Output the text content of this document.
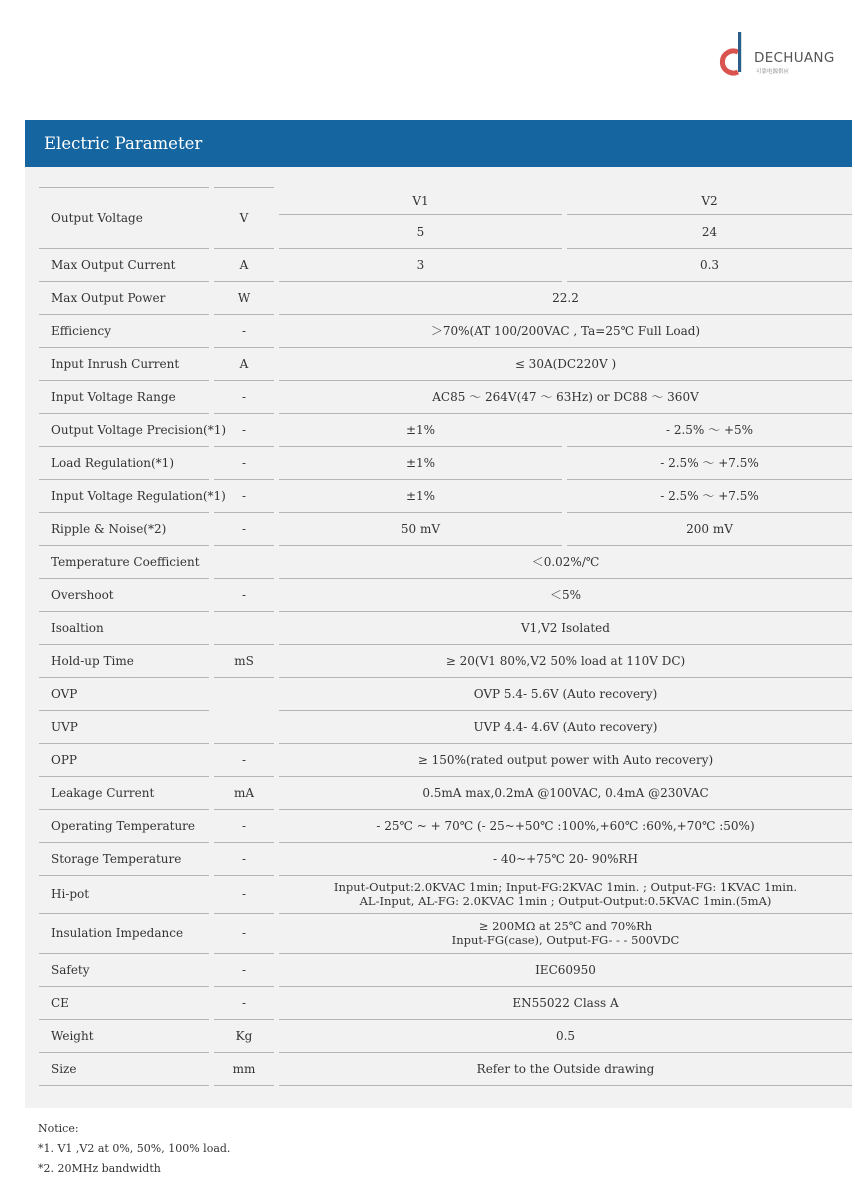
DECHUANG
可靠电源供应
Electric Parameter
Output Voltage	V
V1	V2
5	24
Max Output Current	A	3	0.3
Max Output Power	W	22.2
Efficiency	-	＞70%(AT 100/200VAC , Ta=25℃ Full Load)
Input Inrush Current	A	≤ 30A(DC220V )
Input Voltage Range	-	AC85 ～ 264V(47 ～ 63Hz) or DC88 ～ 360V
Output Voltage Precision(*1)	-	±1%	- 2.5% ～ +5%
Load Regulation(*1)	-	±1%	- 2.5% ～ +7.5%
Input Voltage Regulation(*1)	-	±1%	- 2.5% ～ +7.5%
Ripple & Noise(*2)	-	50 mV	200 mV
Temperature Coefficient	＜0.02%/℃
Overshoot	-	＜5%
Isoaltion	V1,V2 Isolated
Hold-up Time	mS	≥ 20(V1 80%,V2 50% load at 110V DC)
OVP	OVP 5.4- 5.6V (Auto recovery)
UVP	UVP 4.4- 4.6V (Auto recovery)
OPP	-	≥ 150%(rated output power with Auto recovery)
Leakage Current	mA	0.5mA max,0.2mA @100VAC, 0.4mA @230VAC
Operating Temperature	-	- 25℃ ~ + 70℃ (- 25~+50℃ :100%,+60℃ :60%,+70℃ :50%)
Storage Temperature	-	- 40~+75℃ 20- 90%RH
Hi-pot	-	Input-Output:2.0KVAC 1min; Input-FG:2KVAC 1min. ; Output-FG: 1KVAC 1min.
AL-Input, AL-FG: 2.0KVAC 1min ; Output-Output:0.5KVAC 1min.(5mA)
Insulation Impedance	-	≥ 200MΩ at 25℃ and 70%Rh
Input-FG(case), Output-FG- - - 500VDC
Safety	-	IEC60950
CE	-	EN55022 Class A
Weight	Kg	0.5
Size	mm	Refer to the Outside drawing
Notice:
*1. V1 ,V2 at 0%, 50%, 100% load.
*2. 20MHz bandwidth
